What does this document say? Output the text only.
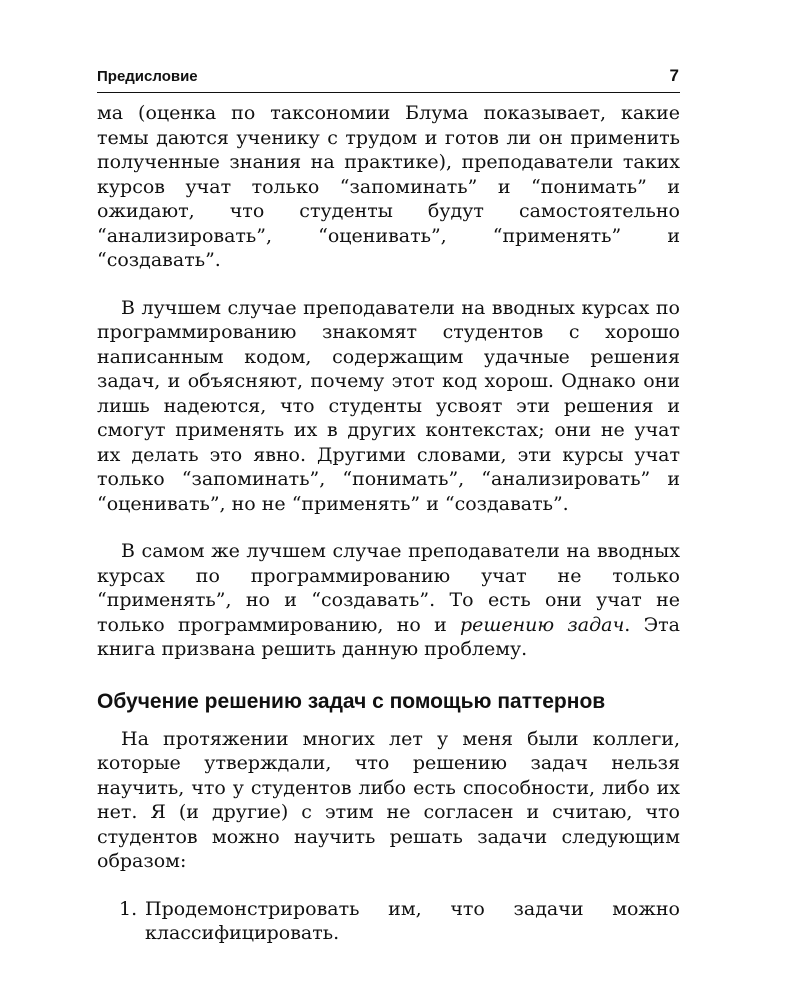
Предисловие	7

ма (оценка по таксономии Блума показывает, какие темы даются ученику с трудом и готов ли он применить полученные знания на практике), преподаватели таких курсов учат только “запоминать” и “понимать” и ожидают, что студенты будут самостоятельно “анализировать”, “оценивать”, “применять” и “создавать”.

В лучшем случае преподаватели на вводных курсах по программированию знакомят студентов с хорошо написанным кодом, содержащим удачные решения задач, и объясняют, почему этот код хорош. Однако они лишь надеются, что студенты усвоят эти решения и смогут применять их в других контекстах; они не учат их делать это явно. Другими словами, эти курсы учат только “запоминать”, “понимать”, “анализировать” и “оценивать”, но не “применять” и “создавать”.

В самом же лучшем случае преподаватели на вводных курсах по программированию учат не только “применять”, но и “создавать”. То есть они учат не только программированию, но и решению задач. Эта книга призвана решить данную проблему.

Обучение решению задач с помощью паттернов

На протяжении многих лет у меня были коллеги, которые утверждали, что решению задач нельзя научить, что у студентов либо есть способности, либо их нет. Я (и другие) с этим не согласен и считаю, что студентов можно научить решать задачи следующим образом:

1. Продемонстрировать им, что задачи можно классифицировать.
